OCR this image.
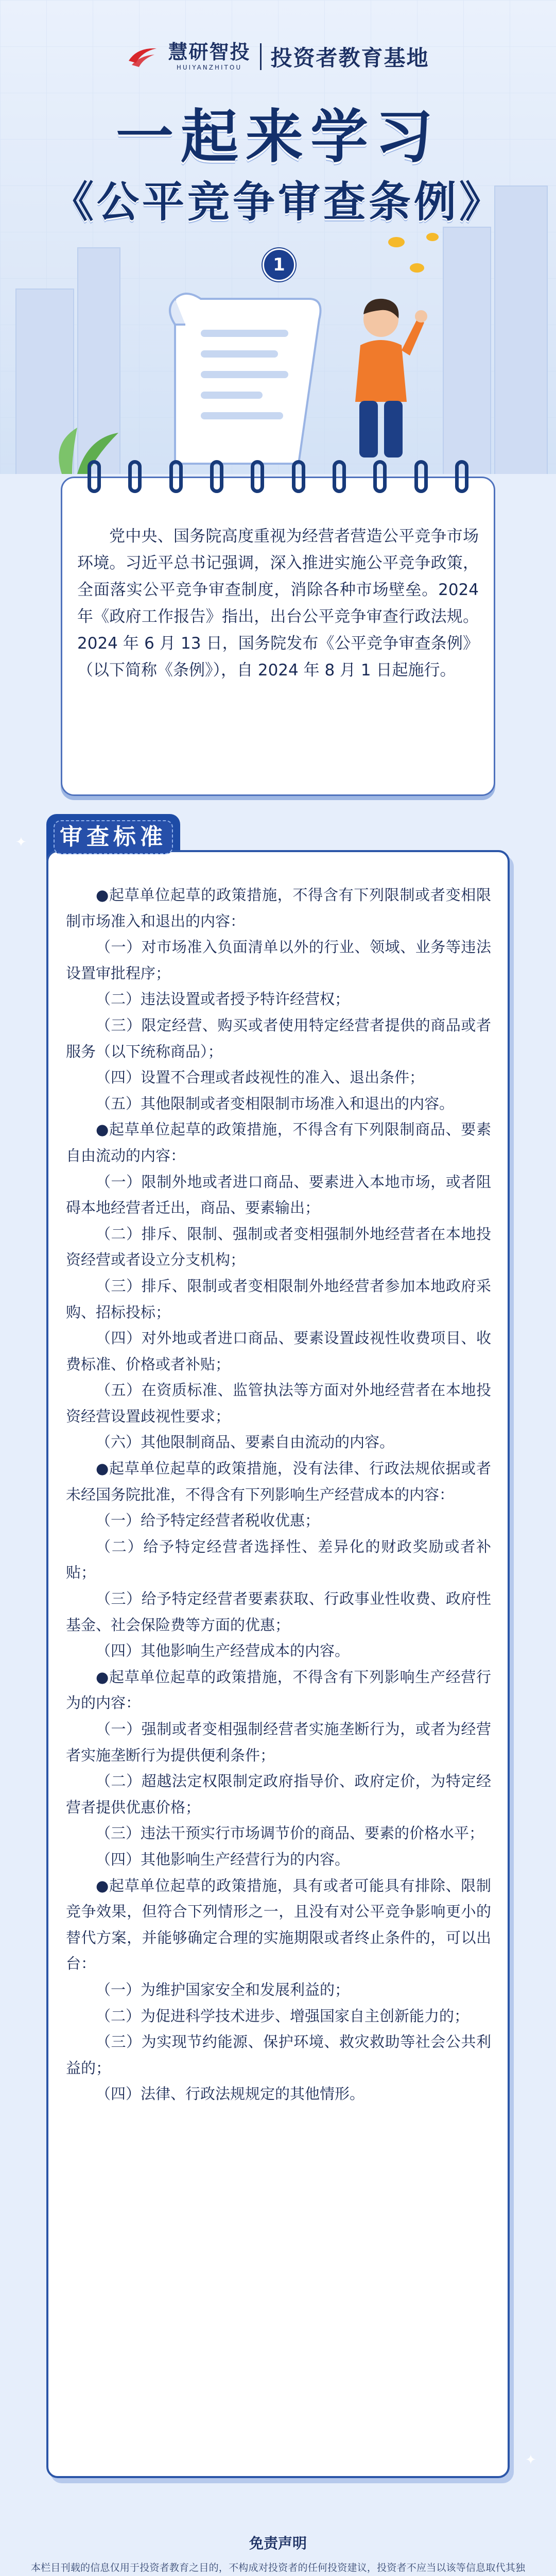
慧研智投
HUIYANZHITOU 投资者教育基地
一起来学习
《公平竞争审查条例》
1

党中央、国务院高度重视为经营者营造公平竞争市场环境。习近平总书记强调，深入推进实施公平竞争政策，全面落实公平竞争审查制度，消除各种市场壁垒。2024 年《政府工作报告》指出，出台公平竞争审查行政法规。2024 年 6 月 13 日，国务院发布《公平竞争审查条例》（以下简称《条例》），自 2024 年 8 月 1 日起施行。

审查标准

●起草单位起草的政策措施，不得含有下列限制或者变相限制市场准入和退出的内容：

（一）对市场准入负面清单以外的行业、领域、业务等违法设置审批程序；

（二）违法设置或者授予特许经营权；

（三）限定经营、购买或者使用特定经营者提供的商品或者服务（以下统称商品）；

（四）设置不合理或者歧视性的准入、退出条件；

（五）其他限制或者变相限制市场准入和退出的内容。

●起草单位起草的政策措施，不得含有下列限制商品、要素自由流动的内容：

（一）限制外地或者进口商品、要素进入本地市场，或者阻碍本地经营者迁出，商品、要素输出；

（二）排斥、限制、强制或者变相强制外地经营者在本地投资经营或者设立分支机构；

（三）排斥、限制或者变相限制外地经营者参加本地政府采购、招标投标；

（四）对外地或者进口商品、要素设置歧视性收费项目、收费标准、价格或者补贴；

（五）在资质标准、监管执法等方面对外地经营者在本地投资经营设置歧视性要求；

（六）其他限制商品、要素自由流动的内容。

●起草单位起草的政策措施，没有法律、行政法规依据或者未经国务院批准，不得含有下列影响生产经营成本的内容：

（一）给予特定经营者税收优惠；

（二）给予特定经营者选择性、差异化的财政奖励或者补贴；

（三）给予特定经营者要素获取、行政事业性收费、政府性基金、社会保险费等方面的优惠；

（四）其他影响生产经营成本的内容。

●起草单位起草的政策措施，不得含有下列影响生产经营行为的内容：

（一）强制或者变相强制经营者实施垄断行为，或者为经营者实施垄断行为提供便利条件；

（二）超越法定权限制定政府指导价、政府定价，为特定经营者提供优惠价格；

（三）违法干预实行市场调节价的商品、要素的价格水平；

（四）其他影响生产经营行为的内容。

●起草单位起草的政策措施，具有或者可能具有排除、限制竞争效果，但符合下列情形之一，且没有对公平竞争影响更小的替代方案，并能够确定合理的实施期限或者终止条件的，可以出台：

（一）为维护国家安全和发展利益的；

（二）为促进科学技术进步、增强国家自主创新能力的；

（三）为实现节约能源、保护环境、救灾救助等社会公共利益的；

（四）法律、行政法规规定的其他情形。

✦
✦

免责声明

本栏目刊载的信息仅用于投资者教育之目的，不构成对投资者的任何投资建议，投资者不应当以该等信息取代其独
